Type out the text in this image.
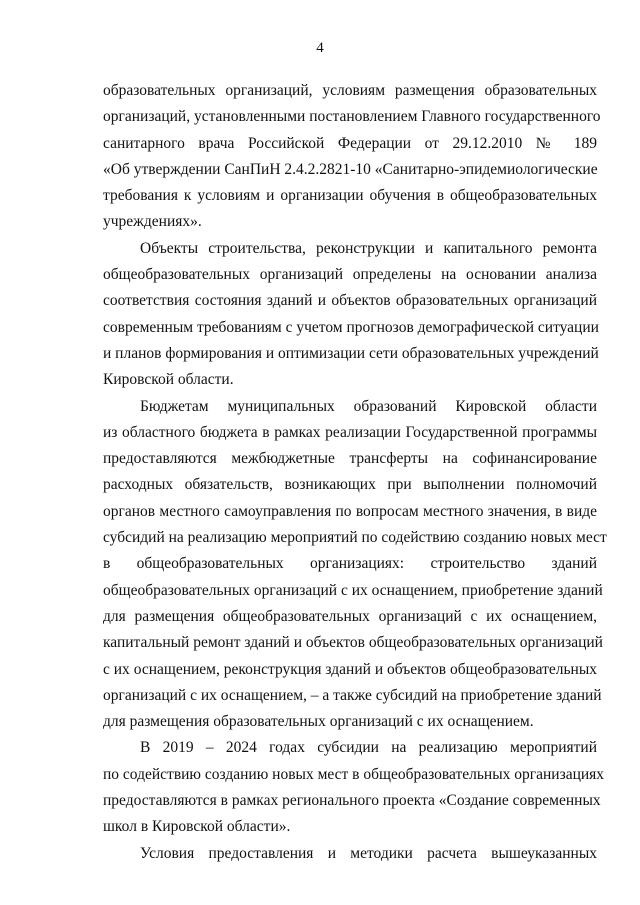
4
образовательных организаций, условиям размещения образовательных
организаций, установленными постановлением Главного государственного
санитарного врача Российской Федерации от 29.12.2010 № 189
«Об утверждении СанПиН 2.4.2.2821-10 «Санитарно-эпидемиологические
требования к условиям и организации обучения в общеобразовательных
учреждениях».
Объекты строительства, реконструкции и капитального ремонта
общеобразовательных организаций определены на основании анализа
соответствия состояния зданий и объектов образовательных организаций
современным требованиям с учетом прогнозов демографической ситуации
и планов формирования и оптимизации сети образовательных учреждений
Кировской области.
Бюджетам муниципальных образований Кировской области
из областного бюджета в рамках реализации Государственной программы
предоставляются межбюджетные трансферты на софинансирование
расходных обязательств, возникающих при выполнении полномочий
органов местного самоуправления по вопросам местного значения, в виде
субсидий на реализацию мероприятий по содействию созданию новых мест
в общеобразовательных организациях: строительство зданий
общеобразовательных организаций с их оснащением, приобретение зданий
для размещения общеобразовательных организаций с их оснащением,
капитальный ремонт зданий и объектов общеобразовательных организаций
с их оснащением, реконструкция зданий и объектов общеобразовательных
организаций с их оснащением, – а также субсидий на приобретение зданий
для размещения образовательных организаций с их оснащением.
В 2019 – 2024 годах субсидии на реализацию мероприятий
по содействию созданию новых мест в общеобразовательных организациях
предоставляются в рамках регионального проекта «Создание современных
школ в Кировской области».
Условия предоставления и методики расчета вышеуказанных
